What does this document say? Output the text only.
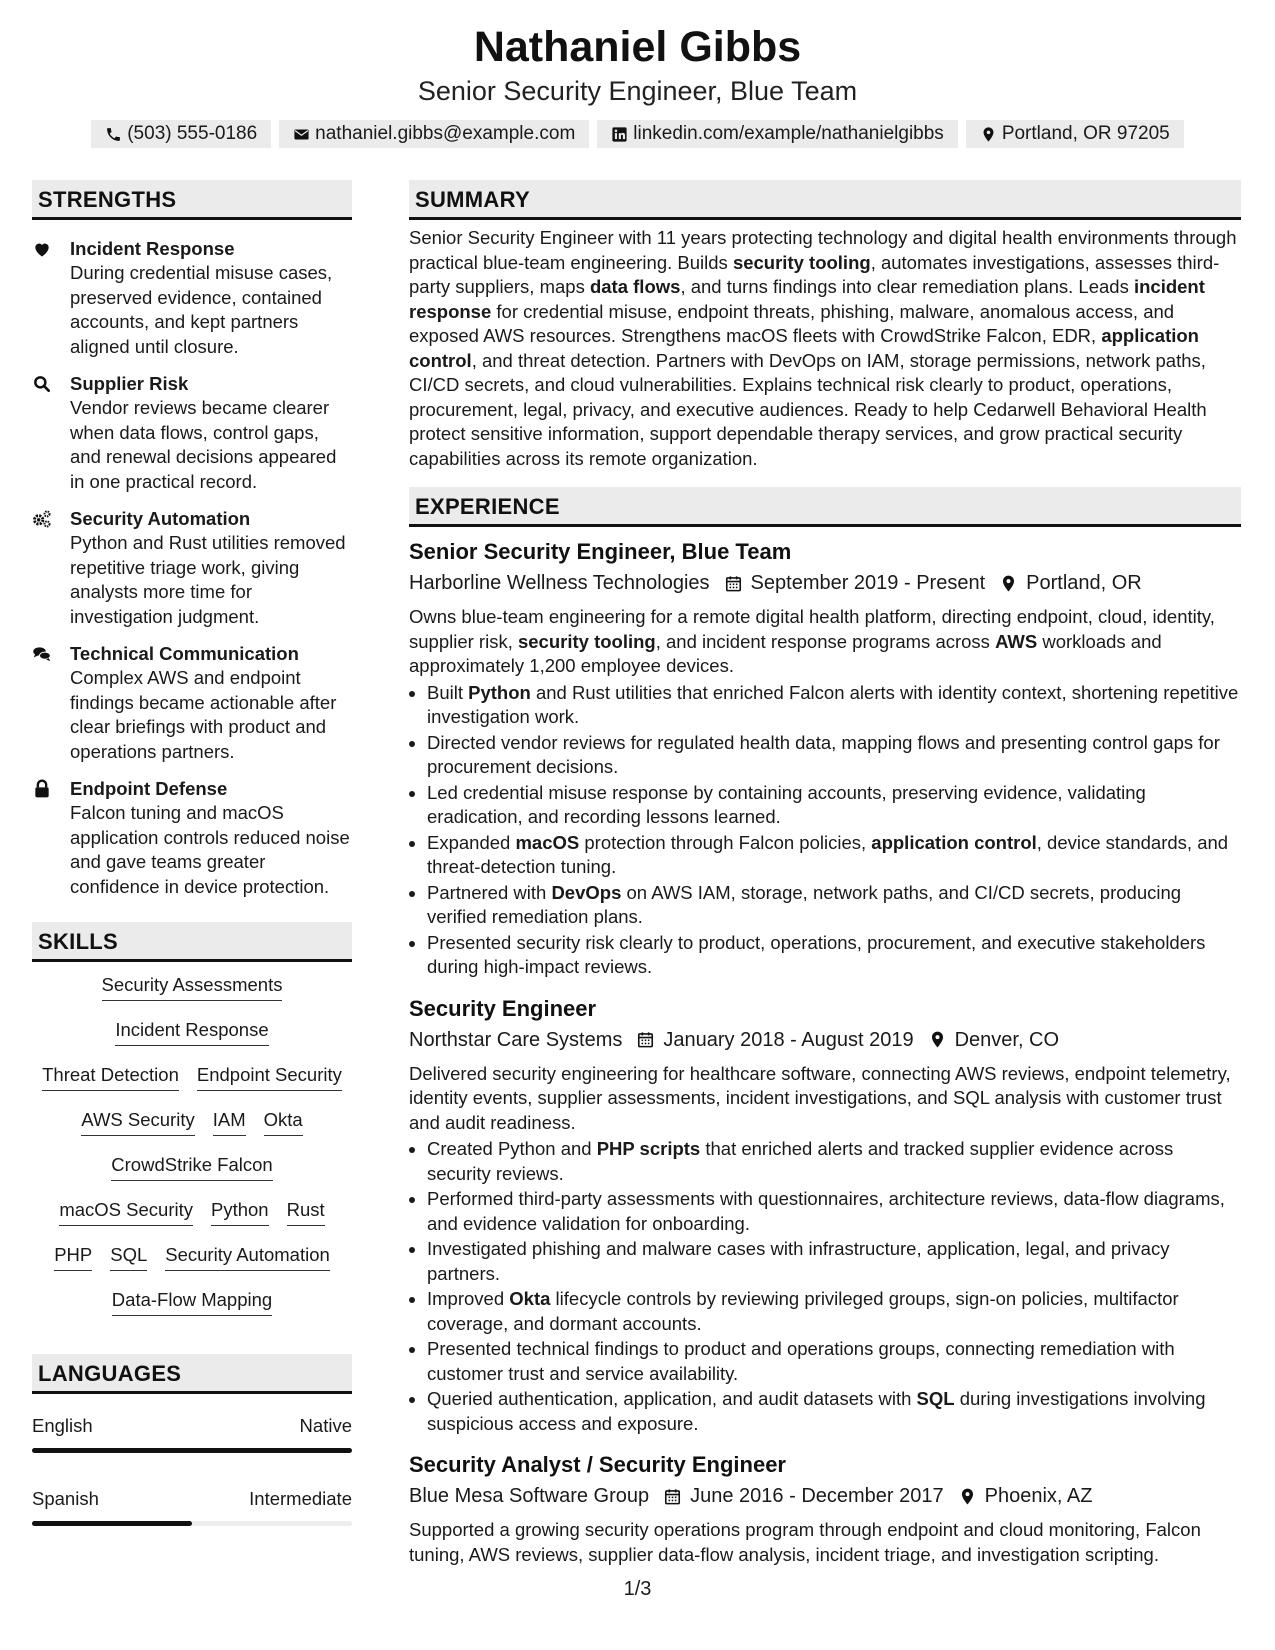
Nathaniel Gibbs
Senior Security Engineer, Blue Team
(503) 555-0186	nathaniel.gibbs@example.com	linkedin.com/example/nathanielgibbs	Portland, OR 97205
STRENGTHS
Incident Response
During credential misuse cases, preserved evidence, contained accounts, and kept partners aligned until closure.
Supplier Risk
Vendor reviews became clearer when data flows, control gaps, and renewal decisions appeared in one practical record.
Security Automation
Python and Rust utilities removed repetitive triage work, giving analysts more time for investigation judgment.
Technical Communication
Complex AWS and endpoint findings became actionable after clear briefings with product and operations partners.
Endpoint Defense
Falcon tuning and macOS application controls reduced noise and gave teams greater confidence in device protection.
SKILLS
Security Assessments
Incident Response
Threat Detection Endpoint Security
AWS Security IAM Okta
CrowdStrike Falcon
macOS Security Python Rust
PHP SQL Security Automation
Data-Flow Mapping
LANGUAGES
English	Native
Spanish	Intermediate
SUMMARY
Senior Security Engineer with 11 years protecting technology and digital health environments through practical blue-team engineering. Builds security tooling, automates investigations, assesses third-party suppliers, maps data flows, and turns findings into clear remediation plans. Leads incident response for credential misuse, endpoint threats, phishing, malware, anomalous access, and exposed AWS resources. Strengthens macOS fleets with CrowdStrike Falcon, EDR, application control, and threat detection. Partners with DevOps on IAM, storage permissions, network paths, CI/CD secrets, and cloud vulnerabilities. Explains technical risk clearly to product, operations, procurement, legal, privacy, and executive audiences. Ready to help Cedarwell Behavioral Health protect sensitive information, support dependable therapy services, and grow practical security capabilities across its remote organization.
EXPERIENCE
Senior Security Engineer, Blue Team
Harborline Wellness Technologies September 2019 - Present Portland, OR
Owns blue-team engineering for a remote digital health platform, directing endpoint, cloud, identity, supplier risk, security tooling, and incident response programs across AWS workloads and approximately 1,200 employee devices.
• Built Python and Rust utilities that enriched Falcon alerts with identity context, shortening repetitive investigation work.
• Directed vendor reviews for regulated health data, mapping flows and presenting control gaps for procurement decisions.
• Led credential misuse response by containing accounts, preserving evidence, validating eradication, and recording lessons learned.
• Expanded macOS protection through Falcon policies, application control, device standards, and threat-detection tuning.
• Partnered with DevOps on AWS IAM, storage, network paths, and CI/CD secrets, producing verified remediation plans.
• Presented security risk clearly to product, operations, procurement, and executive stakeholders during high-impact reviews.
Security Engineer
Northstar Care Systems January 2018 - August 2019 Denver, CO
Delivered security engineering for healthcare software, connecting AWS reviews, endpoint telemetry, identity events, supplier assessments, incident investigations, and SQL analysis with customer trust and audit readiness.
• Created Python and PHP scripts that enriched alerts and tracked supplier evidence across security reviews.
• Performed third-party assessments with questionnaires, architecture reviews, data-flow diagrams, and evidence validation for onboarding.
• Investigated phishing and malware cases with infrastructure, application, legal, and privacy partners.
• Improved Okta lifecycle controls by reviewing privileged groups, sign-on policies, multifactor coverage, and dormant accounts.
• Presented technical findings to product and operations groups, connecting remediation with customer trust and service availability.
• Queried authentication, application, and audit datasets with SQL during investigations involving suspicious access and exposure.
Security Analyst / Security Engineer
Blue Mesa Software Group June 2016 - December 2017 Phoenix, AZ
Supported a growing security operations program through endpoint and cloud monitoring, Falcon tuning, AWS reviews, supplier data-flow analysis, incident triage, and investigation scripting.
1/3
